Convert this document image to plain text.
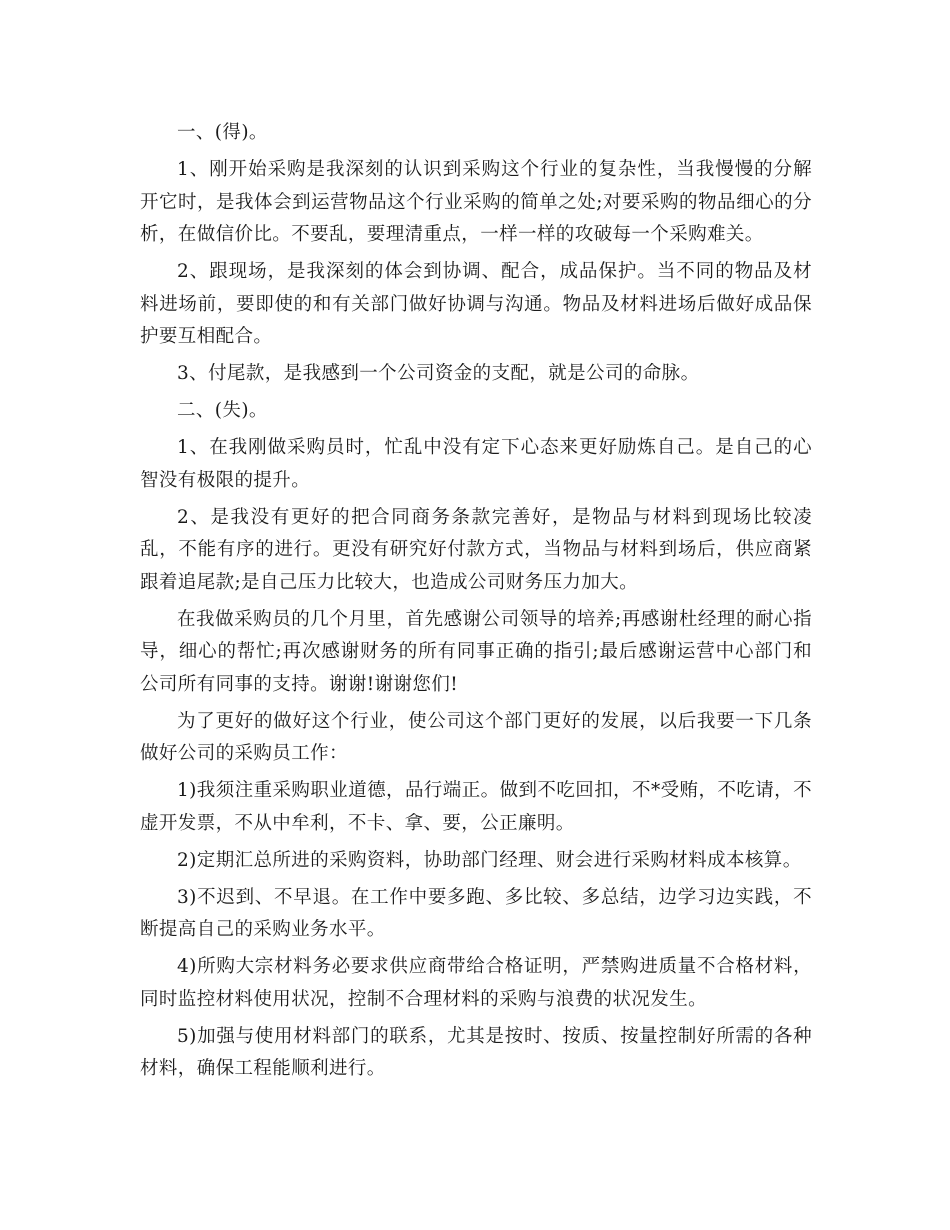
一、(得)。

1、刚开始采购是我深刻的认识到采购这个行业的复杂性，当我慢慢的分解开它时，是我体会到运营物品这个行业采购的简单之处;对要采购的物品细心的分析，在做信价比。不要乱，要理清重点，一样一样的攻破每一个采购难关。

2、跟现场，是我深刻的体会到协调、配合，成品保护。当不同的物品及材料进场前，要即使的和有关部门做好协调与沟通。物品及材料进场后做好成品保护要互相配合。

3、付尾款，是我感到一个公司资金的支配，就是公司的命脉。

二、(失)。

1、在我刚做采购员时，忙乱中没有定下心态来更好励炼自己。是自己的心智没有极限的提升。

2、是我没有更好的把合同商务条款完善好，是物品与材料到现场比较凌乱，不能有序的进行。更没有研究好付款方式，当物品与材料到场后，供应商紧跟着追尾款;是自己压力比较大，也造成公司财务压力加大。

在我做采购员的几个月里，首先感谢公司领导的培养;再感谢杜经理的耐心指导，细心的帮忙;再次感谢财务的所有同事正确的指引;最后感谢运营中心部门和公司所有同事的支持。谢谢!谢谢您们!

为了更好的做好这个行业，使公司这个部门更好的发展，以后我要一下几条做好公司的采购员工作：

1)我须注重采购职业道德，品行端正。做到不吃回扣，不*受贿，不吃请，不虚开发票，不从中牟利，不卡、拿、要，公正廉明。

2)定期汇总所进的采购资料，协助部门经理、财会进行采购材料成本核算。

3)不迟到、不早退。在工作中要多跑、多比较、多总结，边学习边实践，不断提高自己的采购业务水平。

4)所购大宗材料务必要求供应商带给合格证明，严禁购进质量不合格材料，同时监控材料使用状况，控制不合理材料的采购与浪费的状况发生。

5)加强与使用材料部门的联系，尤其是按时、按质、按量控制好所需的各种材料，确保工程能顺利进行。
